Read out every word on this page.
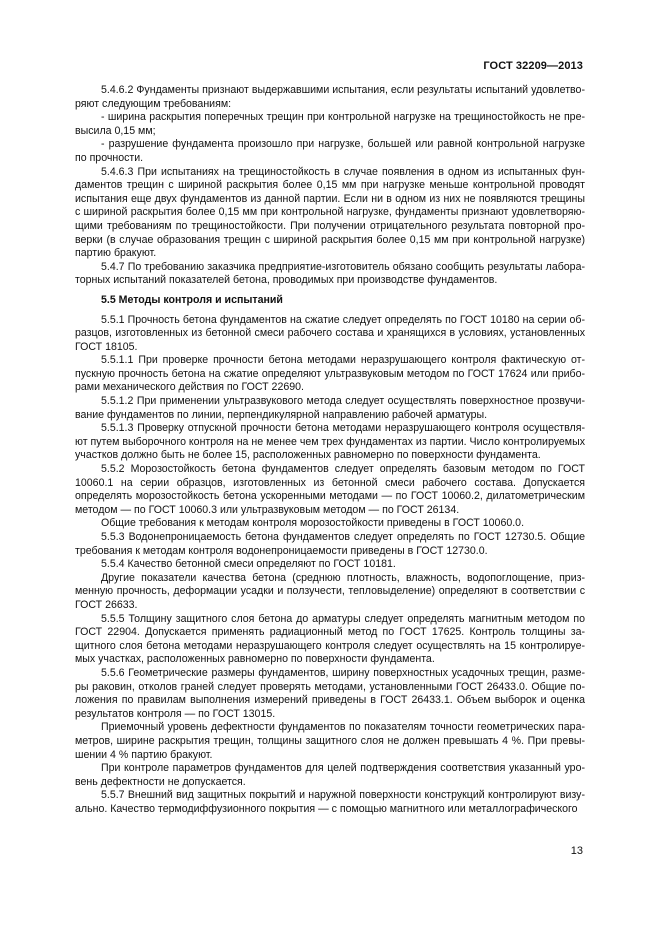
ГОСТ 32209—2013

5.4.6.2 Фундаменты признают выдержавшими испытания, если результаты испытаний удовлетворяют следующим требованиям:

- ширина раскрытия поперечных трещин при контрольной нагрузке на трещиностойкость не превысила 0,15 мм;

- разрушение фундамента произошло при нагрузке, большей или равной контрольной нагрузке по прочности.

5.4.6.3 При испытаниях на трещиностойкость в случае появления в одном из испытанных фундаментов трещин с шириной раскрытия более 0,15 мм при нагрузке меньше контрольной проводят испытания еще двух фундаментов из данной партии. Если ни в одном из них не появляются трещины с шириной раскрытия более 0,15 мм при контрольной нагрузке, фундаменты признают удовлетворяющими требованиям по трещиностойкости. При получении отрицательного результата повторной проверки (в случае образования трещин с шириной раскрытия более 0,15 мм при контрольной нагрузке) партию бракуют.

5.4.7 По требованию заказчика предприятие-изготовитель обязано сообщить результаты лабораторных испытаний показателей бетона, проводимых при производстве фундаментов.

5.5 Методы контроля и испытаний

5.5.1 Прочность бетона фундаментов на сжатие следует определять по ГОСТ 10180 на серии образцов, изготовленных из бетонной смеси рабочего состава и хранящихся в условиях, установленных ГОСТ 18105.

5.5.1.1 При проверке прочности бетона методами неразрушающего контроля фактическую отпускную прочность бетона на сжатие определяют ультразвуковым методом по ГОСТ 17624 или приборами механического действия по ГОСТ 22690.

5.5.1.2 При применении ультразвукового метода следует осуществлять поверхностное прозвучивание фундаментов по линии, перпендикулярной направлению рабочей арматуры.

5.5.1.3 Проверку отпускной прочности бетона методами неразрушающего контроля осуществляют путем выборочного контроля на не менее чем трех фундаментах из партии. Число контролируемых участков должно быть не более 15, расположенных равномерно по поверхности фундамента.

5.5.2 Морозостойкость бетона фундаментов следует определять базовым методом по ГОСТ 10060.1 на серии образцов, изготовленных из бетонной смеси рабочего состава. Допускается определять морозостойкость бетона ускоренными методами — по ГОСТ 10060.2, дилатометрическим методом — по ГОСТ 10060.3 или ультразвуковым методом — по ГОСТ 26134.

Общие требования к методам контроля морозостойкости приведены в ГОСТ 10060.0.

5.5.3 Водонепроницаемость бетона фундаментов следует определять по ГОСТ 12730.5. Общие требования к методам контроля водонепроницаемости приведены в ГОСТ 12730.0.

5.5.4 Качество бетонной смеси определяют по ГОСТ 10181.

Другие показатели качества бетона (среднюю плотность, влажность, водопоглощение, призменную прочность, деформации усадки и ползучести, тепловыделение) определяют в соответствии с ГОСТ 26633.

5.5.5 Толщину защитного слоя бетона до арматуры следует определять магнитным методом по ГОСТ 22904. Допускается применять радиационный метод по ГОСТ 17625. Контроль толщины защитного слоя бетона методами неразрушающего контроля следует осуществлять на 15 контролируемых участках, расположенных равномерно по поверхности фундамента.

5.5.6 Геометрические размеры фундаментов, ширину поверхностных усадочных трещин, размеры раковин, отколов граней следует проверять методами, установленными ГОСТ 26433.0. Общие положения по правилам выполнения измерений приведены в ГОСТ 26433.1. Объем выборок и оценка результатов контроля — по ГОСТ 13015.

Приемочный уровень дефектности фундаментов по показателям точности геометрических параметров, ширине раскрытия трещин, толщины защитного слоя не должен превышать 4 %. При превышении 4 % партию бракуют.

При контроле параметров фундаментов для целей подтверждения соответствия указанный уровень дефектности не допускается.

5.5.7 Внешний вид защитных покрытий и наружной поверхности конструкций контролируют визуально. Качество термодиффузионного покрытия — с помощью магнитного или металлографического

13
